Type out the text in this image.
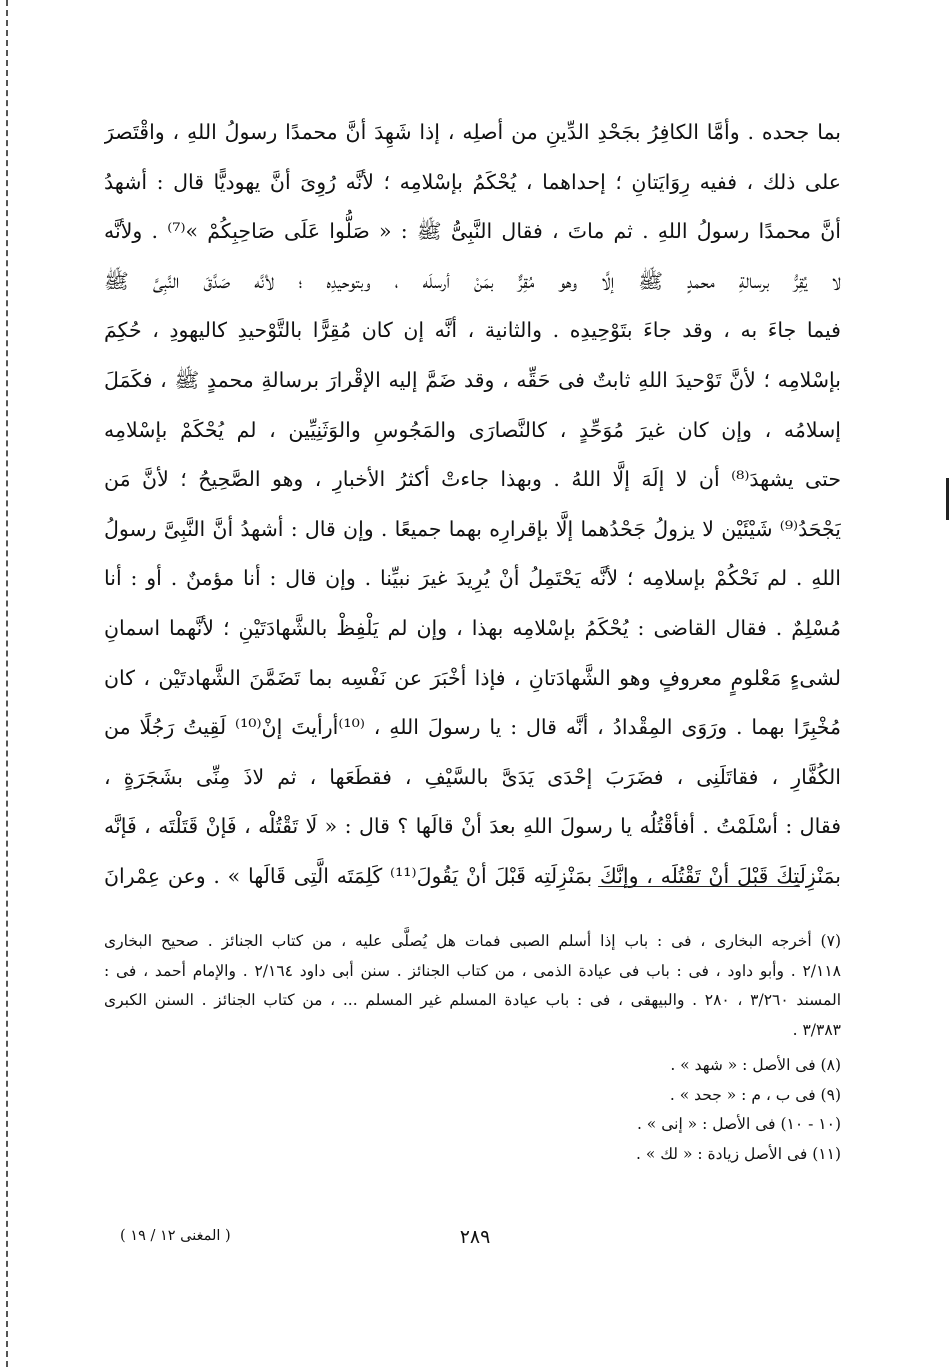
بما جحده . وأمَّا الكافِرُ بجَحْدِ الدِّينِ من أصلِه ، إذا شَهِدَ أنَّ محمدًا رسولُ اللهِ ، واقْتَصرَ
على ذلك ، ففيه رِوَايَتانِ ؛ إحداهما ، يُحْكَمُ بإسْلامِه ؛ لأنَّه رُوِىَ أنَّ يهوديًّا قال : أشهدُ
أنَّ محمدًا رسولُ اللهِ . ثم ماتَ ، فقال النَّبِىُّ ﷺ : « صَلُّوا عَلَى صَاحِبِكُمْ »⁽⁷⁾ . ولأنَّه
لا يُقِرُّ برسالةِ محمدٍ ﷺ إلَّا وهو مُقِرٌّ بمَنْ أرسلَه ، وبتوحيدِه ؛ لأنَّه صَدَّقَ النَّبِىَّ ﷺ
فيما جاءَ به ، وقد جاءَ بتَوْحِيدِه . والثانية ، أنَّه إن كان مُقِرًّا بالتَّوْحيدِ كاليهودِ ، حُكِمَ
بإسْلامِه ؛ لأنَّ تَوْحيدَ اللهِ ثابتٌ فى حَقِّه ، وقد ضَمَّ إليه الإقْرارَ برسالةِ محمدٍ ﷺ ، فكَمَلَ
إسلامُه ، وإن كان غيرَ مُوَحِّدٍ ، كالنَّصارَى والمَجُوسِ والوَثَنِيِّين ، لم يُحْكَمْ بإسْلامِه
حتى يشهدَ⁽⁸⁾ أن لا إلَهَ إلَّا اللهُ . وبهذا جاءتْ أكثرُ الأخبارِ ، وهو الصَّحِيحُ ؛ لأنَّ مَن
يَجْحَدُ⁽⁹⁾ شَيْئَيْن لا يزولُ جَحْدُهما إلَّا بإقرارِه بهما جميعًا . وإن قال : أشهدُ أنَّ النَّبِىَّ رسولُ
اللهِ . لم نَحْكُمْ بإسلامِه ؛ لأنَّه يَحْتَمِلُ أنْ يُرِيدَ غيرَ نبيِّنا . وإن قال : أنا مؤمنٌ . أو : أنا
مُسْلِمٌ . فقال القاضى : يُحْكَمُ بإسْلامِه بهذا ، وإن لم يَلْفِظْ بالشَّهادَتَيْنِ ؛ لأنَّهما اسمانِ
لشىءٍ مَعْلومٍ معروفٍ وهو الشَّهادَتانِ ، فإذا أخْبَرَ عن نَفْسِه بما تَضَمَّنَ الشَّهادتَيْن ، كان
مُخْبِرًا بهما . ورَوَى المِقْدادُ ، أنَّه قال : يا رسولَ اللهِ ، ⁽¹⁰⁾أرأيتَ إنْ⁽¹⁰⁾ لَقِيتُ رَجُلًا من
الكُفَّارِ ، فقاتَلَنِى ، فضَرَبَ إحْدَى يَدَىَّ بالسَّيْفِ ، فقطَعَها ، ثم لاذَ مِنِّى بشَجَرَةٍ ،
فقال : أسْلَمْتُ . أفأقْتُلُه يا رسولَ اللهِ بعدَ أنْ قالَها ؟ قال : « لَا تَقْتُلْه ، فَإنْ قَتَلْتَه ، فَإنَّه
بمَنْزِلَتِكَ قَبْلَ أنْ تَقْتُلَه ، وإنَّكَ بمَنْزِلَتِه قَبْلَ أنْ يَقُولَ⁽¹¹⁾ كَلِمَتَه الَّتِى قَالَها » . وعن عِمْرانَ
(٧) أخرجه البخارى ، فى : باب إذا أسلم الصبى فمات هل يُصلَّى عليه ، من كتاب الجنائز . صحيح البخارى
٢/١١٨ . وأبو داود ، فى : باب فى عيادة الذمى ، من كتاب الجنائز . سنن أبى داود ٢/١٦٤ . والإمام أحمد ، فى :
المسند ٣/٢٦٠ ، ٢٨٠ . والبيهقى ، فى : باب عيادة المسلم غير المسلم ... ، من كتاب الجنائز . السنن الكبرى
٣/٣٨٣ .
(٨) فى الأصل : « شهد » .
(٩) فى ب ، م : « جحد » .
(١٠ - ١٠) فى الأصل : « إنى » .
(١١) فى الأصل زيادة : « لك » .
٢٨٩
( المغنى ١٢ / ١٩ )
